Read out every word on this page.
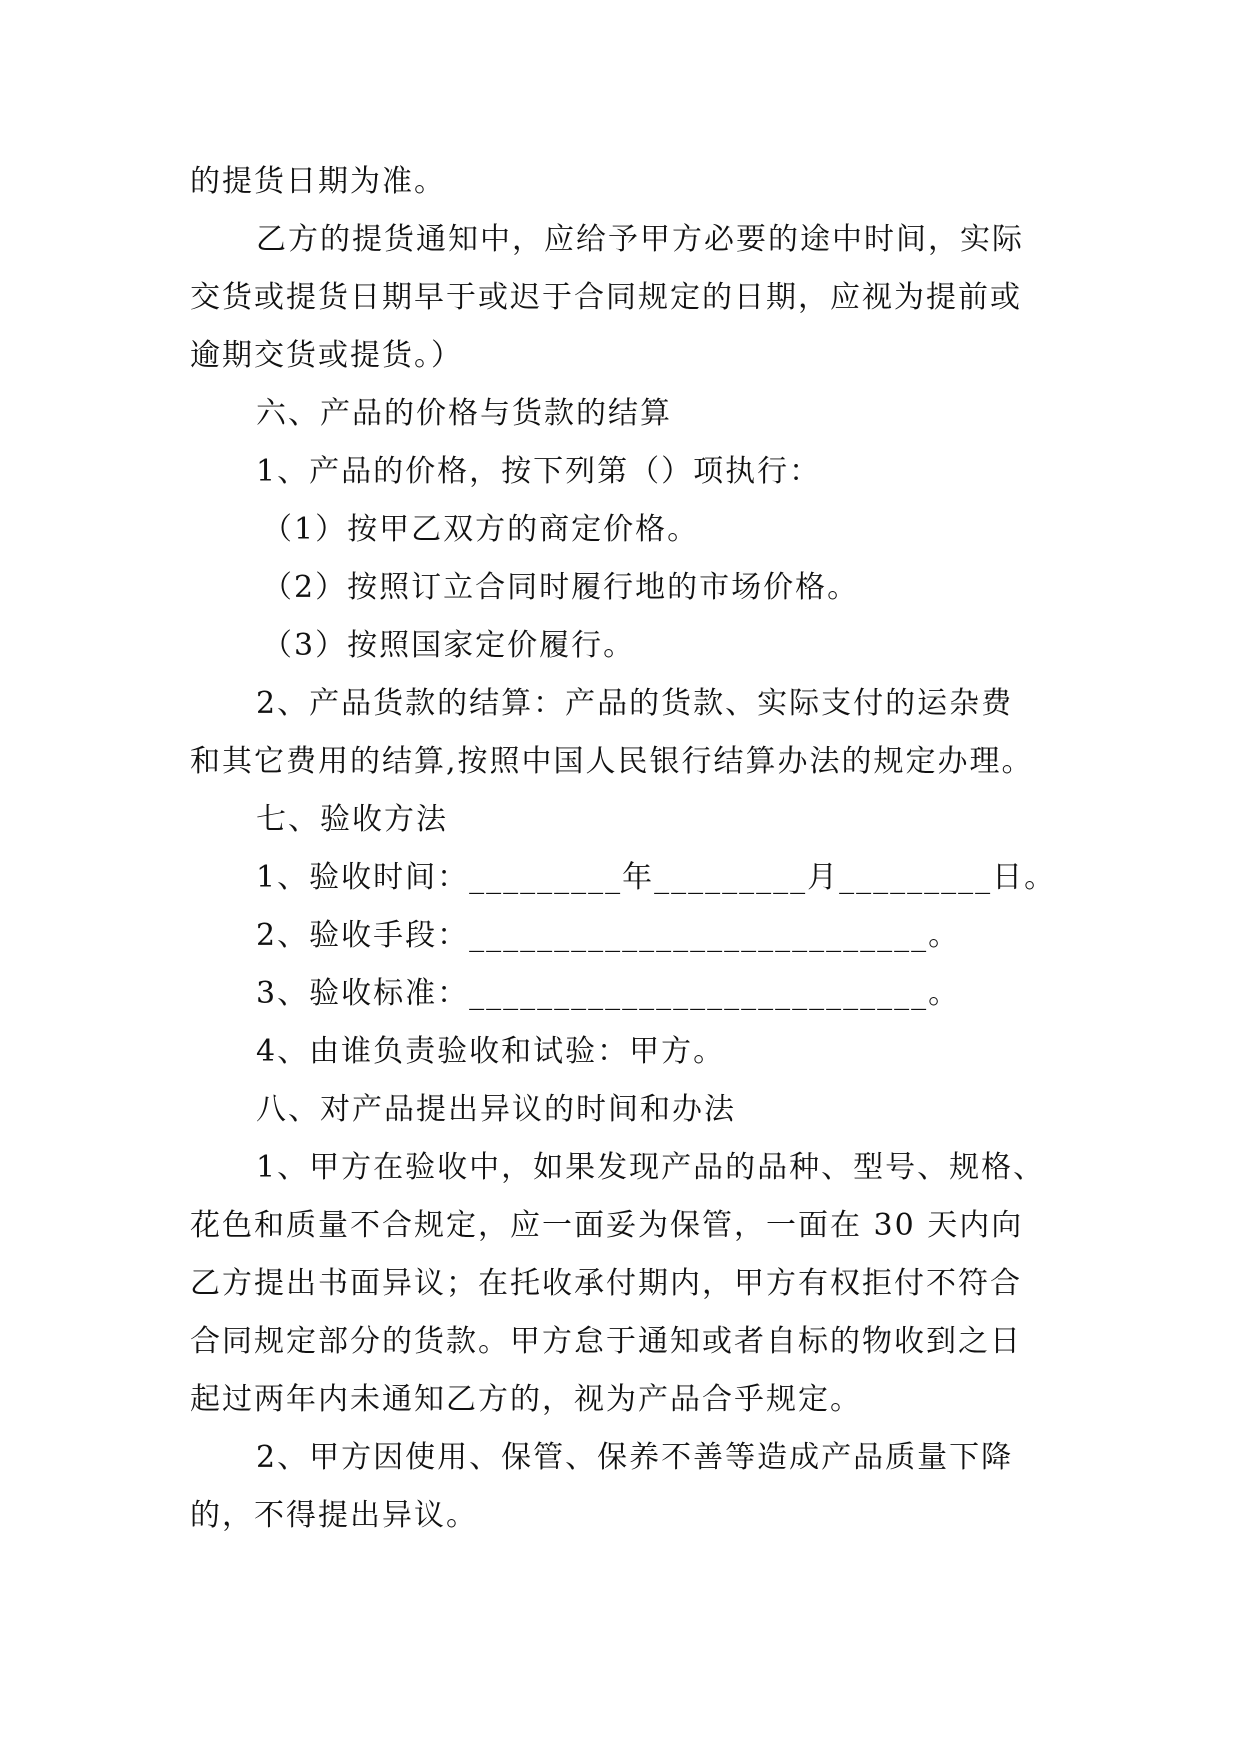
的提货日期为准。
乙方的提货通知中，应给予甲方必要的途中时间，实际
交货或提货日期早于或迟于合同规定的日期，应视为提前或
逾期交货或提货。）
六、产品的价格与货款的结算
1、产品的价格，按下列第（）项执行：
（1）按甲乙双方的商定价格。
（2）按照订立合同时履行地的市场价格。
（3）按照国家定价履行。
2、产品货款的结算：产品的货款、实际支付的运杂费
和其它费用的结算,按照中国人民银行结算办法的规定办理。
七、验收方法
1、验收时间：_________年_________月_________日。
2、验收手段：___________________________。
3、验收标准：___________________________。
4、由谁负责验收和试验：甲方。
八、对产品提出异议的时间和办法
1、甲方在验收中，如果发现产品的品种、型号、规格、
花色和质量不合规定，应一面妥为保管，一面在 30 天内向
乙方提出书面异议；在托收承付期内，甲方有权拒付不符合
合同规定部分的货款。甲方怠于通知或者自标的物收到之日
起过两年内未通知乙方的，视为产品合乎规定。
2、甲方因使用、保管、保养不善等造成产品质量下降
的，不得提出异议。
